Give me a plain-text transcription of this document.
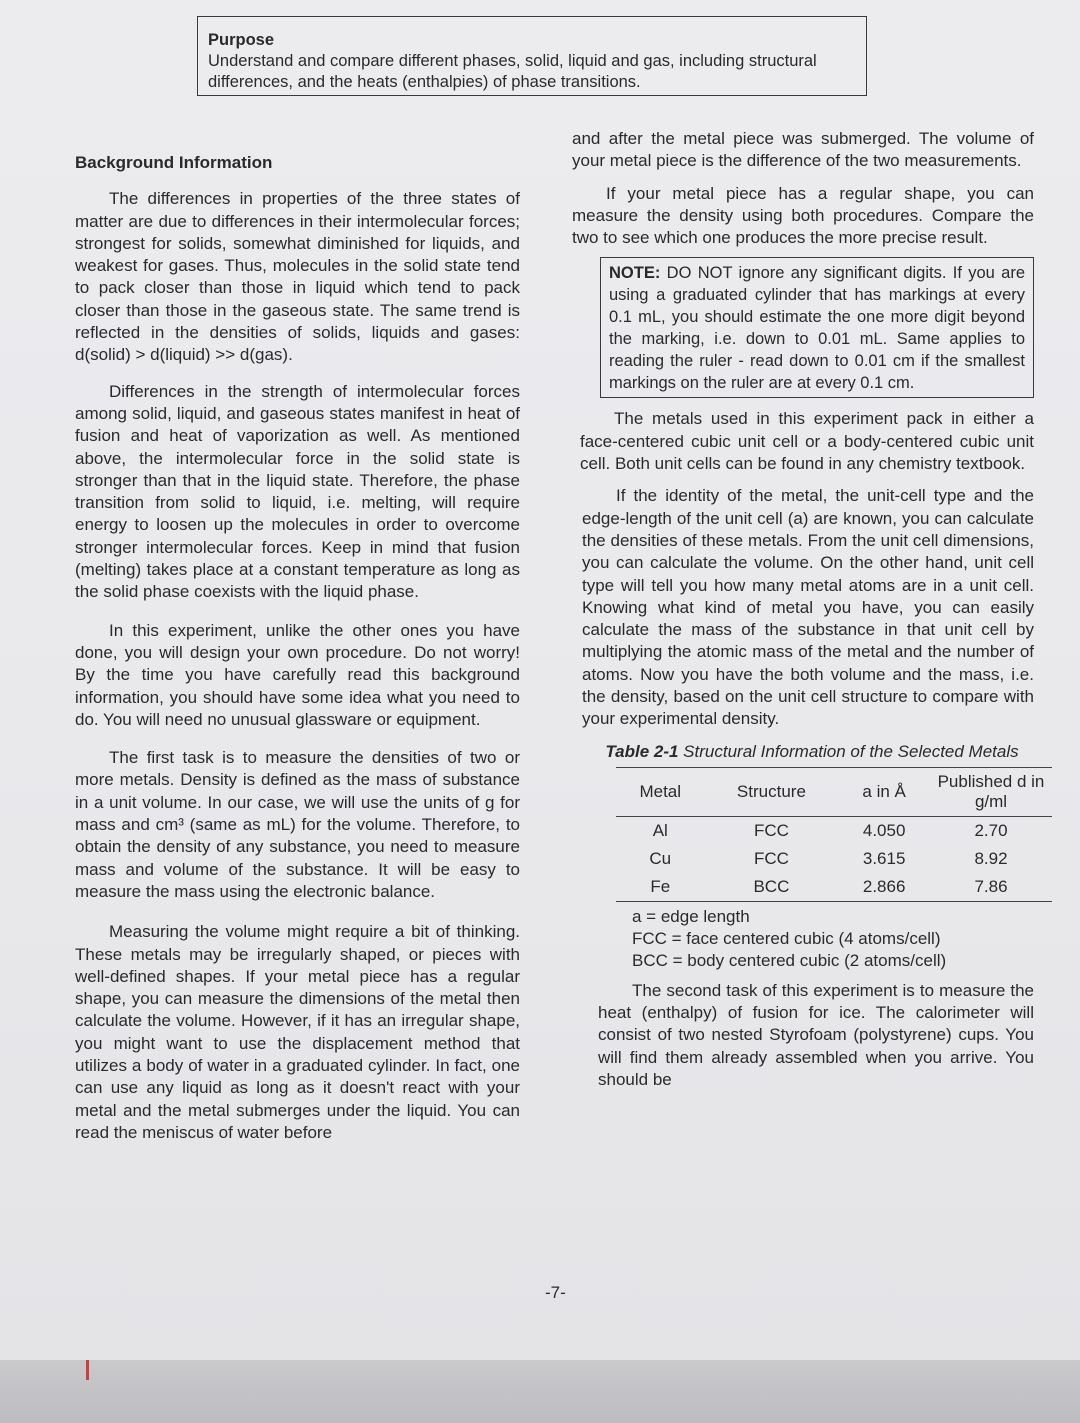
Purpose
Understand and compare different phases, solid, liquid and gas, including structural differences, and the heats (enthalpies) of phase transitions.
Background Information

The differences in properties of the three states of matter are due to differences in their intermolecular forces; strongest for solids, somewhat diminished for liquids, and weakest for gases. Thus, molecules in the solid state tend to pack closer than those in liquid which tend to pack closer than those in the gaseous state. The same trend is reflected in the densities of solids, liquids and gases: d(solid) > d(liquid) >> d(gas).

Differences in the strength of intermolecular forces among solid, liquid, and gaseous states manifest in heat of fusion and heat of vaporization as well. As mentioned above, the intermolecular force in the solid state is stronger than that in the liquid state. Therefore, the phase transition from solid to liquid, i.e. melting, will require energy to loosen up the molecules in order to overcome stronger intermolecular forces. Keep in mind that fusion (melting) takes place at a constant temperature as long as the solid phase coexists with the liquid phase.

In this experiment, unlike the other ones you have done, you will design your own procedure. Do not worry! By the time you have carefully read this background information, you should have some idea what you need to do. You will need no unusual glassware or equipment.

The first task is to measure the densities of two or more metals. Density is defined as the mass of substance in a unit volume. In our case, we will use the units of g for mass and cm³ (same as mL) for the volume. Therefore, to obtain the density of any substance, you need to measure mass and volume of the substance. It will be easy to measure the mass using the electronic balance.

Measuring the volume might require a bit of thinking. These metals may be irregularly shaped, or pieces with well-defined shapes. If your metal piece has a regular shape, you can measure the dimensions of the metal then calculate the volume. However, if it has an irregular shape, you might want to use the displacement method that utilizes a body of water in a graduated cylinder. In fact, one can use any liquid as long as it doesn't react with your metal and the metal submerges under the liquid. You can read the meniscus of water before

and after the metal piece was submerged. The volume of your metal piece is the difference of the two measurements.

If your metal piece has a regular shape, you can measure the density using both procedures. Compare the two to see which one produces the more precise result.

NOTE: DO NOT ignore any significant digits. If you are using a graduated cylinder that has markings at every 0.1 mL, you should estimate the one more digit beyond the marking, i.e. down to 0.01 mL. Same applies to reading the ruler - read down to 0.01 cm if the smallest markings on the ruler are at every 0.1 cm.

The metals used in this experiment pack in either a face-centered cubic unit cell or a body-centered cubic unit cell. Both unit cells can be found in any chemistry textbook.

If the identity of the metal, the unit-cell type and the edge-length of the unit cell (a) are known, you can calculate the densities of these metals. From the unit cell dimensions, you can calculate the volume. On the other hand, unit cell type will tell you how many metal atoms are in a unit cell. Knowing what kind of metal you have, you can easily calculate the mass of the substance in that unit cell by multiplying the atomic mass of the metal and the number of atoms. Now you have the both volume and the mass, i.e. the density, based on the unit cell structure to compare with your experimental density.

Table 2-1 Structural Information of the Selected Metals
Metal	Structure	a in Å	Published d in g/ml
Al	FCC	4.050	2.70
Cu	FCC	3.615	8.92
Fe	BCC	2.866	7.86
a = edge length
FCC = face centered cubic (4 atoms/cell)
BCC = body centered cubic (2 atoms/cell)

The second task of this experiment is to measure the heat (enthalpy) of fusion for ice. The calorimeter will consist of two nested Styrofoam (polystyrene) cups. You will find them already assembled when you arrive. You should be

-7-
